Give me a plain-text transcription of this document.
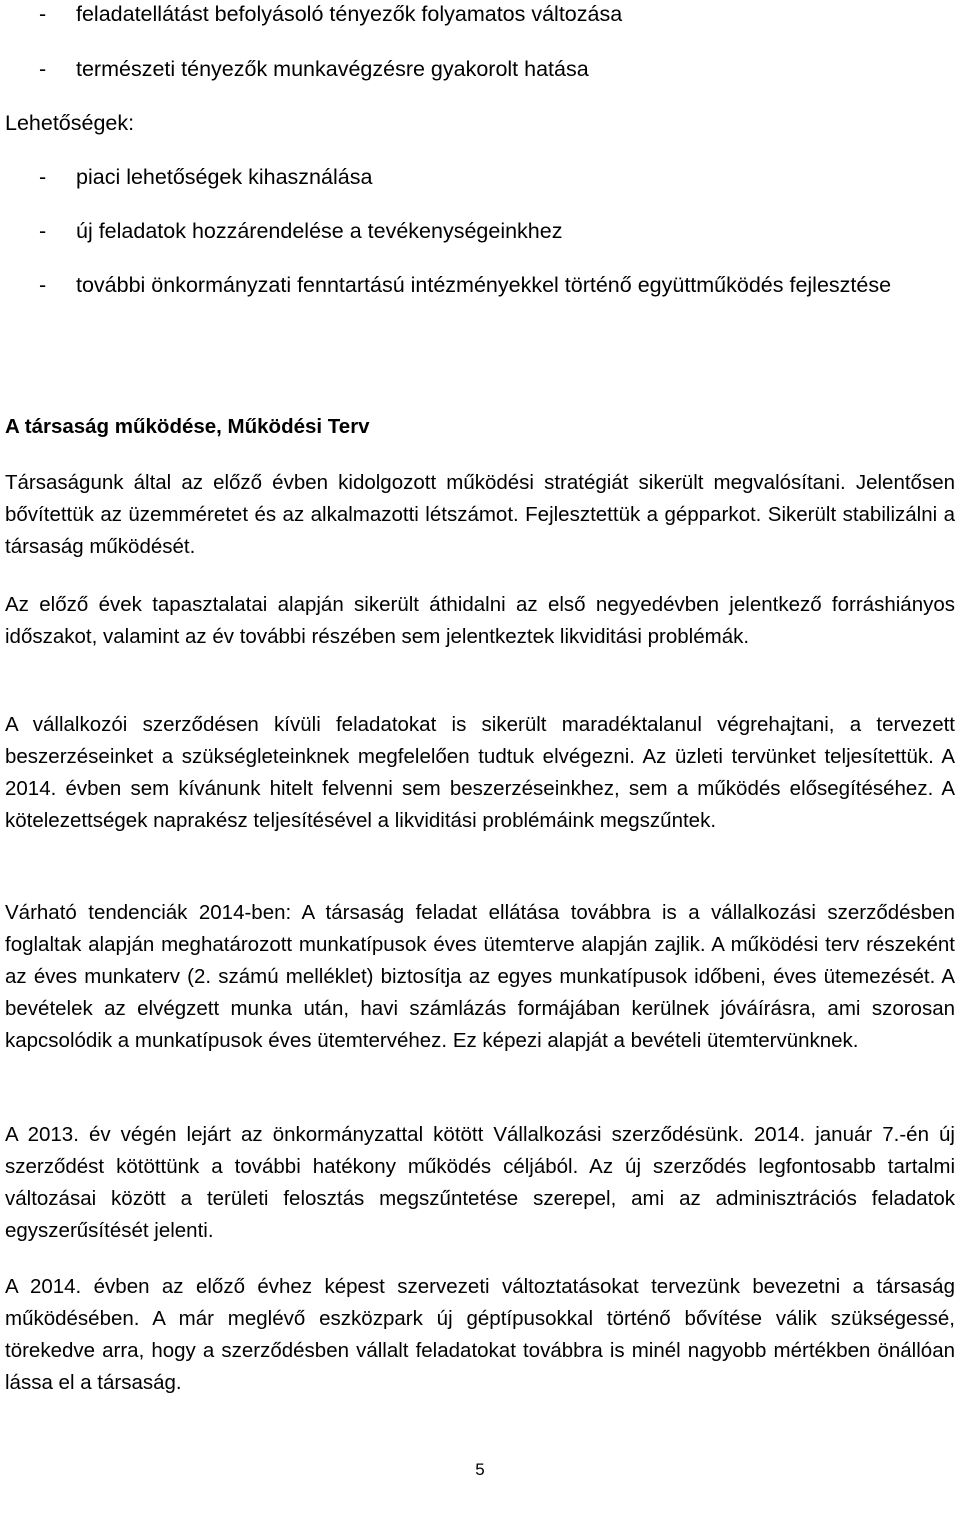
- feladatellátást befolyásoló tényezők folyamatos változása
- természeti tényezők munkavégzésre gyakorolt hatása
Lehetőségek:
- piaci lehetőségek kihasználása
- új feladatok hozzárendelése a tevékenységeinkhez
- további önkormányzati fenntartású intézményekkel történő együttműködés fejlesztése
A társaság működése, Működési Terv

Társaságunk által az előző évben kidolgozott működési stratégiát sikerült megvalósítani. Jelentősen bővítettük az üzemméretet és az alkalmazotti létszámot. Fejlesztettük a gépparkot. Sikerült stabilizálni a társaság működését.

Az előző évek tapasztalatai alapján sikerült áthidalni az első negyedévben jelentkező forráshiányos időszakot, valamint az év további részében sem jelentkeztek likviditási problémák.

A vállalkozói szerződésen kívüli feladatokat is sikerült maradéktalanul végrehajtani, a tervezett beszerzéseinket a szükségleteinknek megfelelően tudtuk elvégezni. Az üzleti tervünket teljesítettük. A 2014. évben sem kívánunk hitelt felvenni sem beszerzéseinkhez, sem a működés elősegítéséhez. A kötelezettségek naprakész teljesítésével a likviditási problémáink megszűntek.

Várható tendenciák 2014-ben: A társaság feladat ellátása továbbra is a vállalkozási szerződésben foglaltak alapján meghatározott munkatípusok éves ütemterve alapján zajlik. A működési terv részeként az éves munkaterv (2. számú melléklet) biztosítja az egyes munkatípusok időbeni, éves ütemezését. A bevételek az elvégzett munka után, havi számlázás formájában kerülnek jóváírásra, ami szorosan kapcsolódik a munkatípusok éves ütemtervéhez. Ez képezi alapját a bevételi ütemtervünknek.

A 2013. év végén lejárt az önkormányzattal kötött Vállalkozási szerződésünk. 2014. január 7.-én új szerződést kötöttünk a további hatékony működés céljából. Az új szerződés legfontosabb tartalmi változásai között a területi felosztás megszűntetése szerepel, ami az adminisztrációs feladatok egyszerűsítését jelenti.

A 2014. évben az előző évhez képest szervezeti változtatásokat tervezünk bevezetni a társaság működésében. A már meglévő eszközpark új géptípusokkal történő bővítése válik szükségessé, törekedve arra, hogy a szerződésben vállalt feladatokat továbbra is minél nagyobb mértékben önállóan lássa el a társaság.

5
